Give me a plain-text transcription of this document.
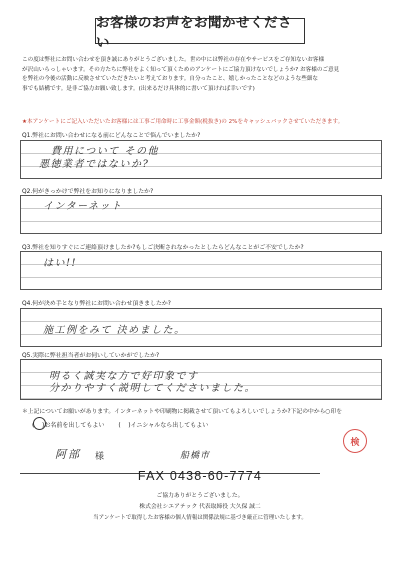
お客様のお声をお聞かせください

この度は弊社にお問い合わせを頂き誠にありがとうございました。世の中には弊社の存在やサービスをご存知ないお客様

が沢山いらっしゃいます。その方たちに弊社をよく知って頂くためのアンケートにご協力頂けないでしょうか? お客様のご意見

を弊社の今後の活動に反映させていただきたいと考えております。自分ったこと、嬉しかったことなどのような些細な

事でも結構です。是非ご協力お願い致します。(出来るだけ具体的に書いて頂ければ幸いです)

★本アンケートにご記入いただいたお客様には工事ご用命時に工事金額(税抜き)の 2%をキャッシュバックさせていただきます。
Q1.弊社にお問い合わせになる前にどんなことで悩んでいましたか?
費用について その他
悪徳業者ではないか?
Q2.何がきっかけで弊社をお知りになりましたか?
インターネット
Q3.弊社を知りすぐにご連絡頂けましたか?もしご決断されなかったとしたらどんなことがご不安でしたか?
はい!!
Q4.何が決め手となり弊社にお問い合わせ頂きましたか?
施工例をみて 決めました。
Q5.実際に弊社担当者がお伺いしていかがでしたか?
明るく誠実な方で好印象です
分かりやすく説明してくださいました。
＊上記についてお願いがあります。インターネットや印刷物に掲載させて頂いてもよろしいでしょうか?下記の中から○印を
(    )お名前を出してもよい (    )イニシャルなら出してもよい
阿部 様	船橋市
検
FAX 0438-60-7774
ご協力ありがとうございました。
株式会社シエアテック 代表取締役 大久保 誠二
当アンケートで取得したお客様の個人情報は関係法規に基づき厳正に管理いたします。
